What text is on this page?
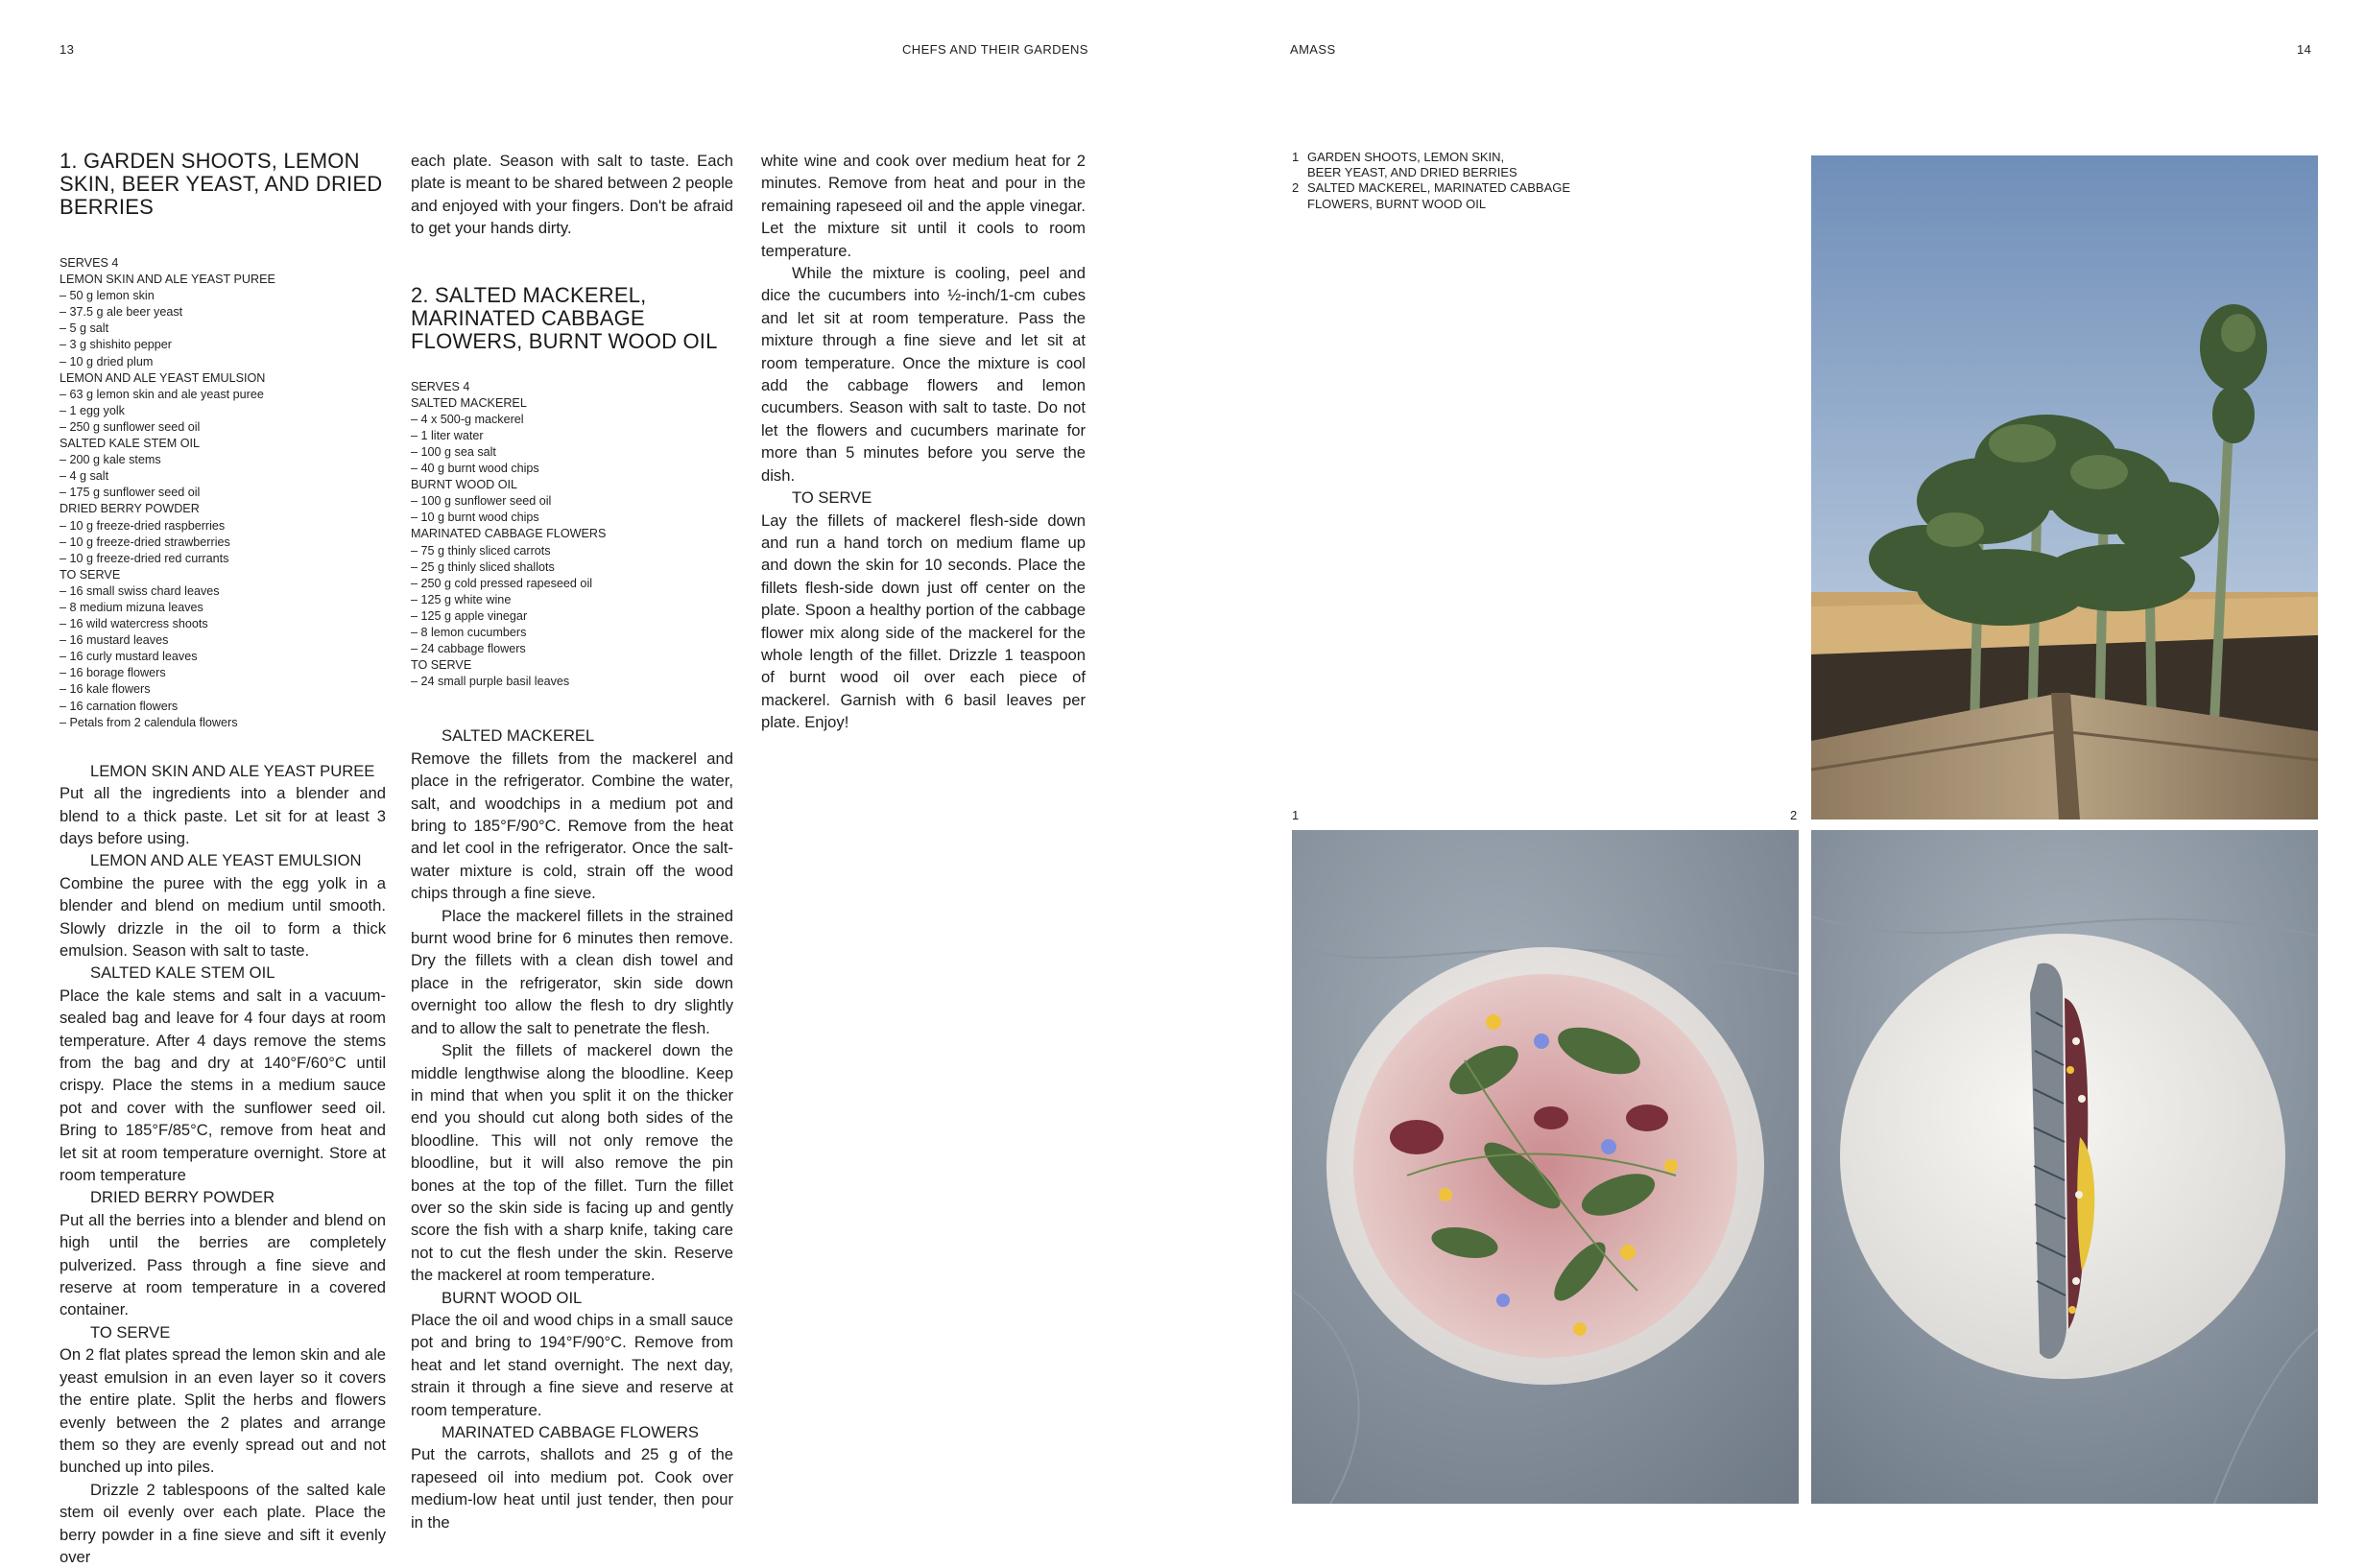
13	CHEFS AND THEIR GARDENS	AMASS	14
1. GARDEN SHOOTS, LEMON SKIN, BEER YEAST, AND DRIED BERRIES
SERVES 4
LEMON SKIN AND ALE YEAST PUREE
– 50 g lemon skin
– 37.5 g ale beer yeast
– 5 g salt
– 3 g shishito pepper
– 10 g dried plum
LEMON AND ALE YEAST EMULSION
– 63 g lemon skin and ale yeast puree
– 1 egg yolk
– 250 g sunflower seed oil
SALTED KALE STEM OIL
– 200 g kale stems
– 4 g salt
– 175 g sunflower seed oil
DRIED BERRY POWDER
– 10 g freeze-dried raspberries
– 10 g freeze-dried strawberries
– 10 g freeze-dried red currants
TO SERVE
– 16 small swiss chard leaves
– 8 medium mizuna leaves
– 16 wild watercress shoots
– 16 mustard leaves
– 16 curly mustard leaves
– 16 borage flowers
– 16 kale flowers
– 16 carnation flowers
– Petals from 2 calendula flowers
LEMON SKIN AND ALE YEAST PUREE
Put all the ingredients into a blender and blend to a thick paste. Let sit for at least 3 days before using.
LEMON AND ALE YEAST EMULSION
Combine the puree with the egg yolk in a blender and blend on medium until smooth. Slowly drizzle in the oil to form a thick emulsion. Season with salt to taste.
SALTED KALE STEM OIL
Place the kale stems and salt in a vacuum-sealed bag and leave for 4 four days at room temperature. After 4 days remove the stems from the bag and dry at 140°F/60°C until crispy. Place the stems in a medium sauce pot and cover with the sunflower seed oil. Bring to 185°F/85°C, remove from heat and let sit at room temperature overnight. Store at room temperature
DRIED BERRY POWDER
Put all the berries into a blender and blend on high until the berries are completely pulverized. Pass through a fine sieve and reserve at room temperature in a covered container.
TO SERVE
On 2 flat plates spread the lemon skin and ale yeast emulsion in an even layer so it covers the entire plate. Split the herbs and flowers evenly between the 2 plates and arrange them so they are evenly spread out and not bunched up into piles.
Drizzle 2 tablespoons of the salted kale stem oil evenly over each plate. Place the berry powder in a fine sieve and sift it evenly over
each plate. Season with salt to taste. Each plate is meant to be shared between 2 people and enjoyed with your fingers. Don't be afraid to get your hands dirty.
2. SALTED MACKEREL, MARINATED CABBAGE FLOWERS, BURNT WOOD OIL
SERVES 4
SALTED MACKEREL
– 4 x 500-g mackerel
– 1 liter water
– 100 g sea salt
– 40 g burnt wood chips
BURNT WOOD OIL
– 100 g sunflower seed oil
– 10 g burnt wood chips
MARINATED CABBAGE FLOWERS
– 75 g thinly sliced carrots
– 25 g thinly sliced shallots
– 250 g cold pressed rapeseed oil
– 125 g white wine
– 125 g apple vinegar
– 8 lemon cucumbers
– 24 cabbage flowers
TO SERVE
– 24 small purple basil leaves
SALTED MACKEREL
Remove the fillets from the mackerel and place in the refrigerator. Combine the water, salt, and woodchips in a medium pot and bring to 185°F/90°C. Remove from the heat and let cool in the refrigerator. Once the salt-water mixture is cold, strain off the wood chips through a fine sieve.
Place the mackerel fillets in the strained burnt wood brine for 6 minutes then remove. Dry the fillets with a clean dish towel and place in the refrigerator, skin side down overnight too allow the flesh to dry slightly and to allow the salt to penetrate the flesh.
Split the fillets of mackerel down the middle lengthwise along the bloodline. Keep in mind that when you split it on the thicker end you should cut along both sides of the bloodline. This will not only remove the bloodline, but it will also remove the pin bones at the top of the fillet. Turn the fillet over so the skin side is facing up and gently score the fish with a sharp knife, taking care not to cut the flesh under the skin. Reserve the mackerel at room temperature.
BURNT WOOD OIL
Place the oil and wood chips in a small sauce pot and bring to 194°F/90°C. Remove from heat and let stand overnight. The next day, strain it through a fine sieve and reserve at room temperature.
MARINATED CABBAGE FLOWERS
Put the carrots, shallots and 25 g of the rapeseed oil into medium pot. Cook over medium-low heat until just tender, then pour in the
white wine and cook over medium heat for 2 minutes. Remove from heat and pour in the remaining rapeseed oil and the apple vinegar. Let the mixture sit until it cools to room temperature.
While the mixture is cooling, peel and dice the cucumbers into ½-inch/1-cm cubes and let sit at room temperature. Pass the mixture through a fine sieve and let sit at room temperature. Once the mixture is cool add the cabbage flowers and lemon cucumbers. Season with salt to taste. Do not let the flowers and cucumbers marinate for more than 5 minutes before you serve the dish.
TO SERVE
Lay the fillets of mackerel flesh-side down and run a hand torch on medium flame up and down the skin for 10 seconds. Place the fillets flesh-side down just off center on the plate. Spoon a healthy portion of the cabbage flower mix along side of the mackerel for the whole length of the fillet. Drizzle 1 teaspoon of burnt wood oil over each piece of mackerel. Garnish with 6 basil leaves per plate. Enjoy!
1 GARDEN SHOOTS, LEMON SKIN,
BEER YEAST, AND DRIED BERRIES
2 SALTED MACKEREL, MARINATED CABBAGE
FLOWERS, BURNT WOOD OIL
1	2
